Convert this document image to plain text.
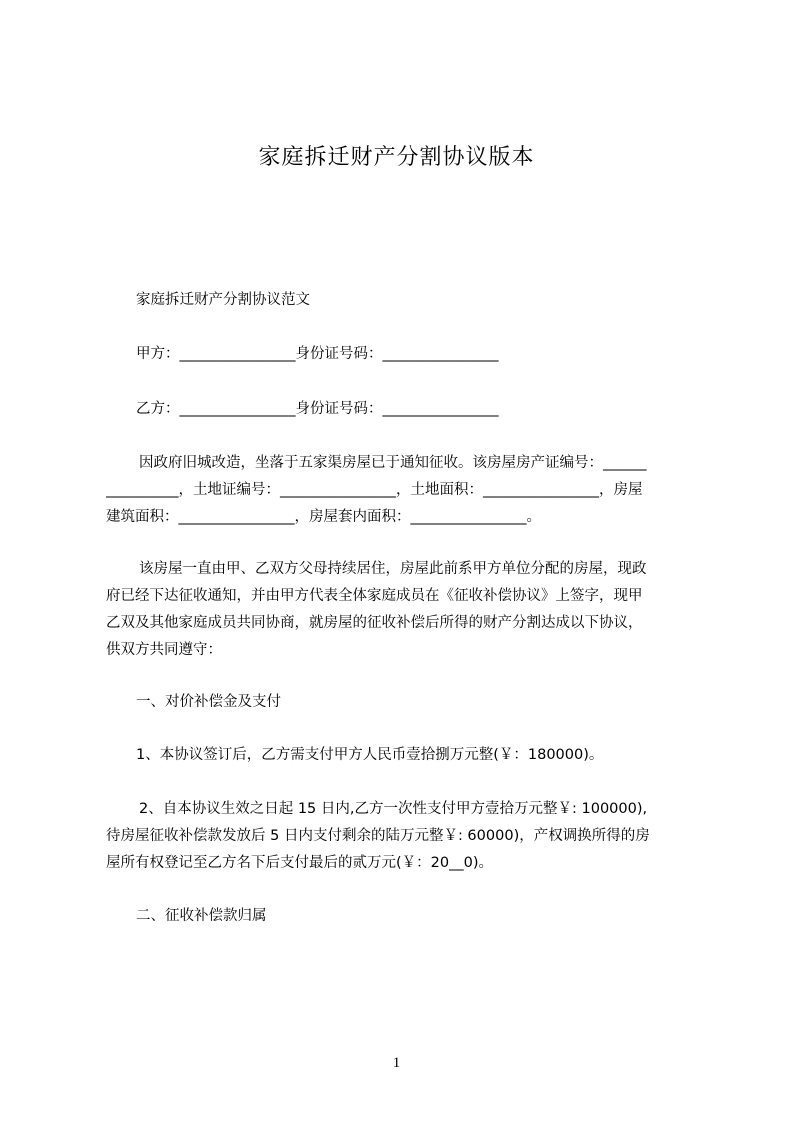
家庭拆迁财产分割协议版本
家庭拆迁财产分割协议范文
甲方：________________身份证号码：________________
乙方：________________身份证号码：________________
因政府旧城改造，坐落于五家渠房屋已于通知征收。该房屋房产证编号：______
__________，土地证编号：________________，土地面积：________________，房屋
建筑面积：________________，房屋套内面积：________________。
该房屋一直由甲、乙双方父母持续居住，房屋此前系甲方单位分配的房屋，现政
府已经下达征收通知，并由甲方代表全体家庭成员在《征收补偿协议》上签字，现甲
乙双及其他家庭成员共同协商，就房屋的征收补偿后所得的财产分割达成以下协议，
供双方共同遵守：
一、对价补偿金及支付
1、本协议签订后，乙方需支付甲方人民币壹拾捌万元整(￥：180000)。
2、自本协议生效之日起 15 日内,乙方一次性支付甲方壹拾万元整￥: 100000),
待房屋征收补偿款发放后 5 日内支付剩余的陆万元整￥: 60000)，产权调换所得的房
屋所有权登记至乙方名下后支付最后的贰万元(￥：20__0)。
二、征收补偿款归属
1
